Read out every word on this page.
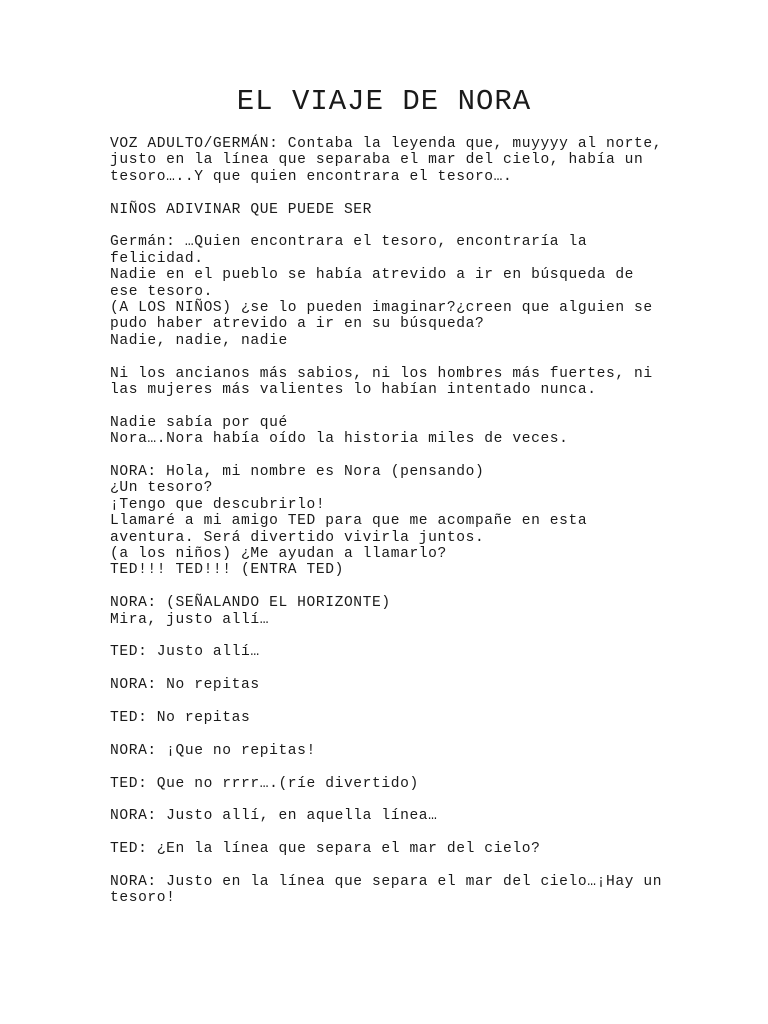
EL VIAJE DE NORA
VOZ ADULTO/GERMÁN: Contaba la leyenda que, muyyyy al norte,
justo en la línea que separaba el mar del cielo, había un
tesoro…..Y que quien encontrara el tesoro….
NIÑOS ADIVINAR QUE PUEDE SER
Germán: …Quien encontrara el tesoro, encontraría la
felicidad.
Nadie en el pueblo se había atrevido a ir en búsqueda de
ese tesoro.
(A LOS NIÑOS) ¿se lo pueden imaginar?¿creen que alguien se
pudo haber atrevido a ir en su búsqueda?
Nadie, nadie, nadie
Ni los ancianos más sabios, ni los hombres más fuertes, ni
las mujeres más valientes lo habían intentado nunca.
Nadie sabía por qué
Nora….Nora había oído la historia miles de veces.
NORA: Hola, mi nombre es Nora (pensando)
¿Un tesoro?
¡Tengo que descubrirlo!
Llamaré a mi amigo TED para que me acompañe en esta
aventura. Será divertido vivirla juntos.
(a los niños) ¿Me ayudan a llamarlo?
TED!!! TED!!! (ENTRA TED)
NORA: (SEÑALANDO EL HORIZONTE)
Mira, justo allí…
TED: Justo allí…
NORA: No repitas
TED: No repitas
NORA: ¡Que no repitas!
TED: Que no rrrr….(ríe divertido)
NORA: Justo allí, en aquella línea…
TED: ¿En la línea que separa el mar del cielo?
NORA: Justo en la línea que separa el mar del cielo…¡Hay un
tesoro!
